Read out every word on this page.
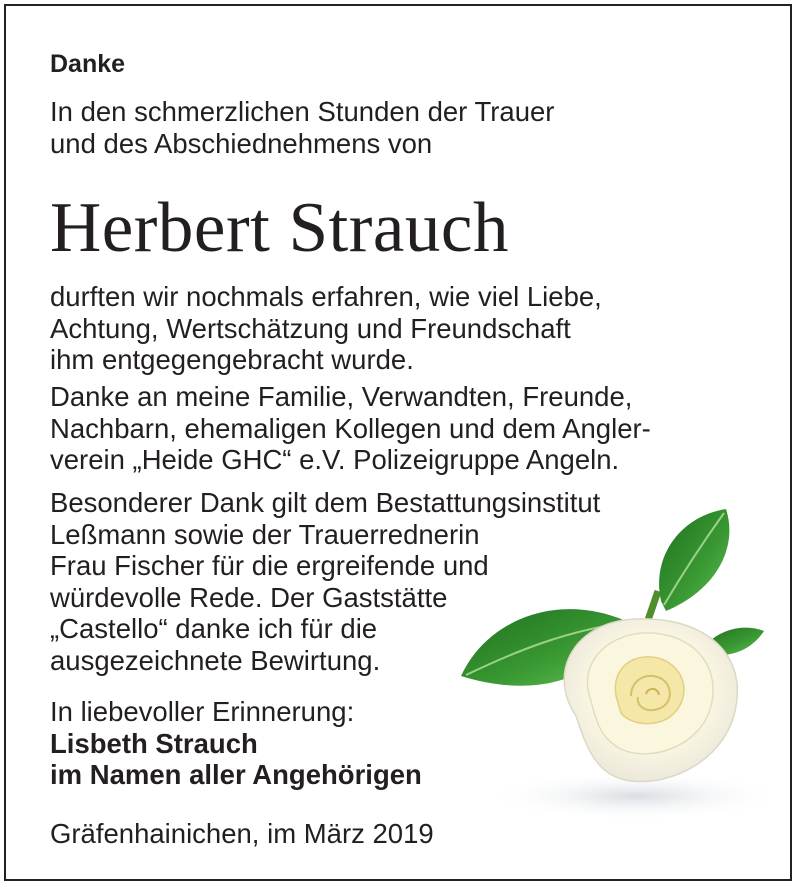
Danke

In den schmerzlichen Stunden der Trauer
und des Abschiednehmens von

Herbert Strauch

durften wir nochmals erfahren, wie viel Liebe,
Achtung, Wertschätzung und Freundschaft
ihm entgegengebracht wurde.

Danke an meine Familie, Verwandten, Freunde,
Nachbarn, ehemaligen Kollegen und dem Angler-
verein „Heide GHC“ e.V. Polizeigruppe Angeln.

Besonderer Dank gilt dem Bestattungsinstitut
Leßmann sowie der Trauerrednerin
Frau Fischer für die ergreifende und
würdevolle Rede. Der Gaststätte
„Castello“ danke ich für die
ausgezeichnete Bewirtung.

In liebevoller Erinnerung:
Lisbeth Strauch
im Namen aller Angehörigen

Gräfenhainichen, im März 2019
